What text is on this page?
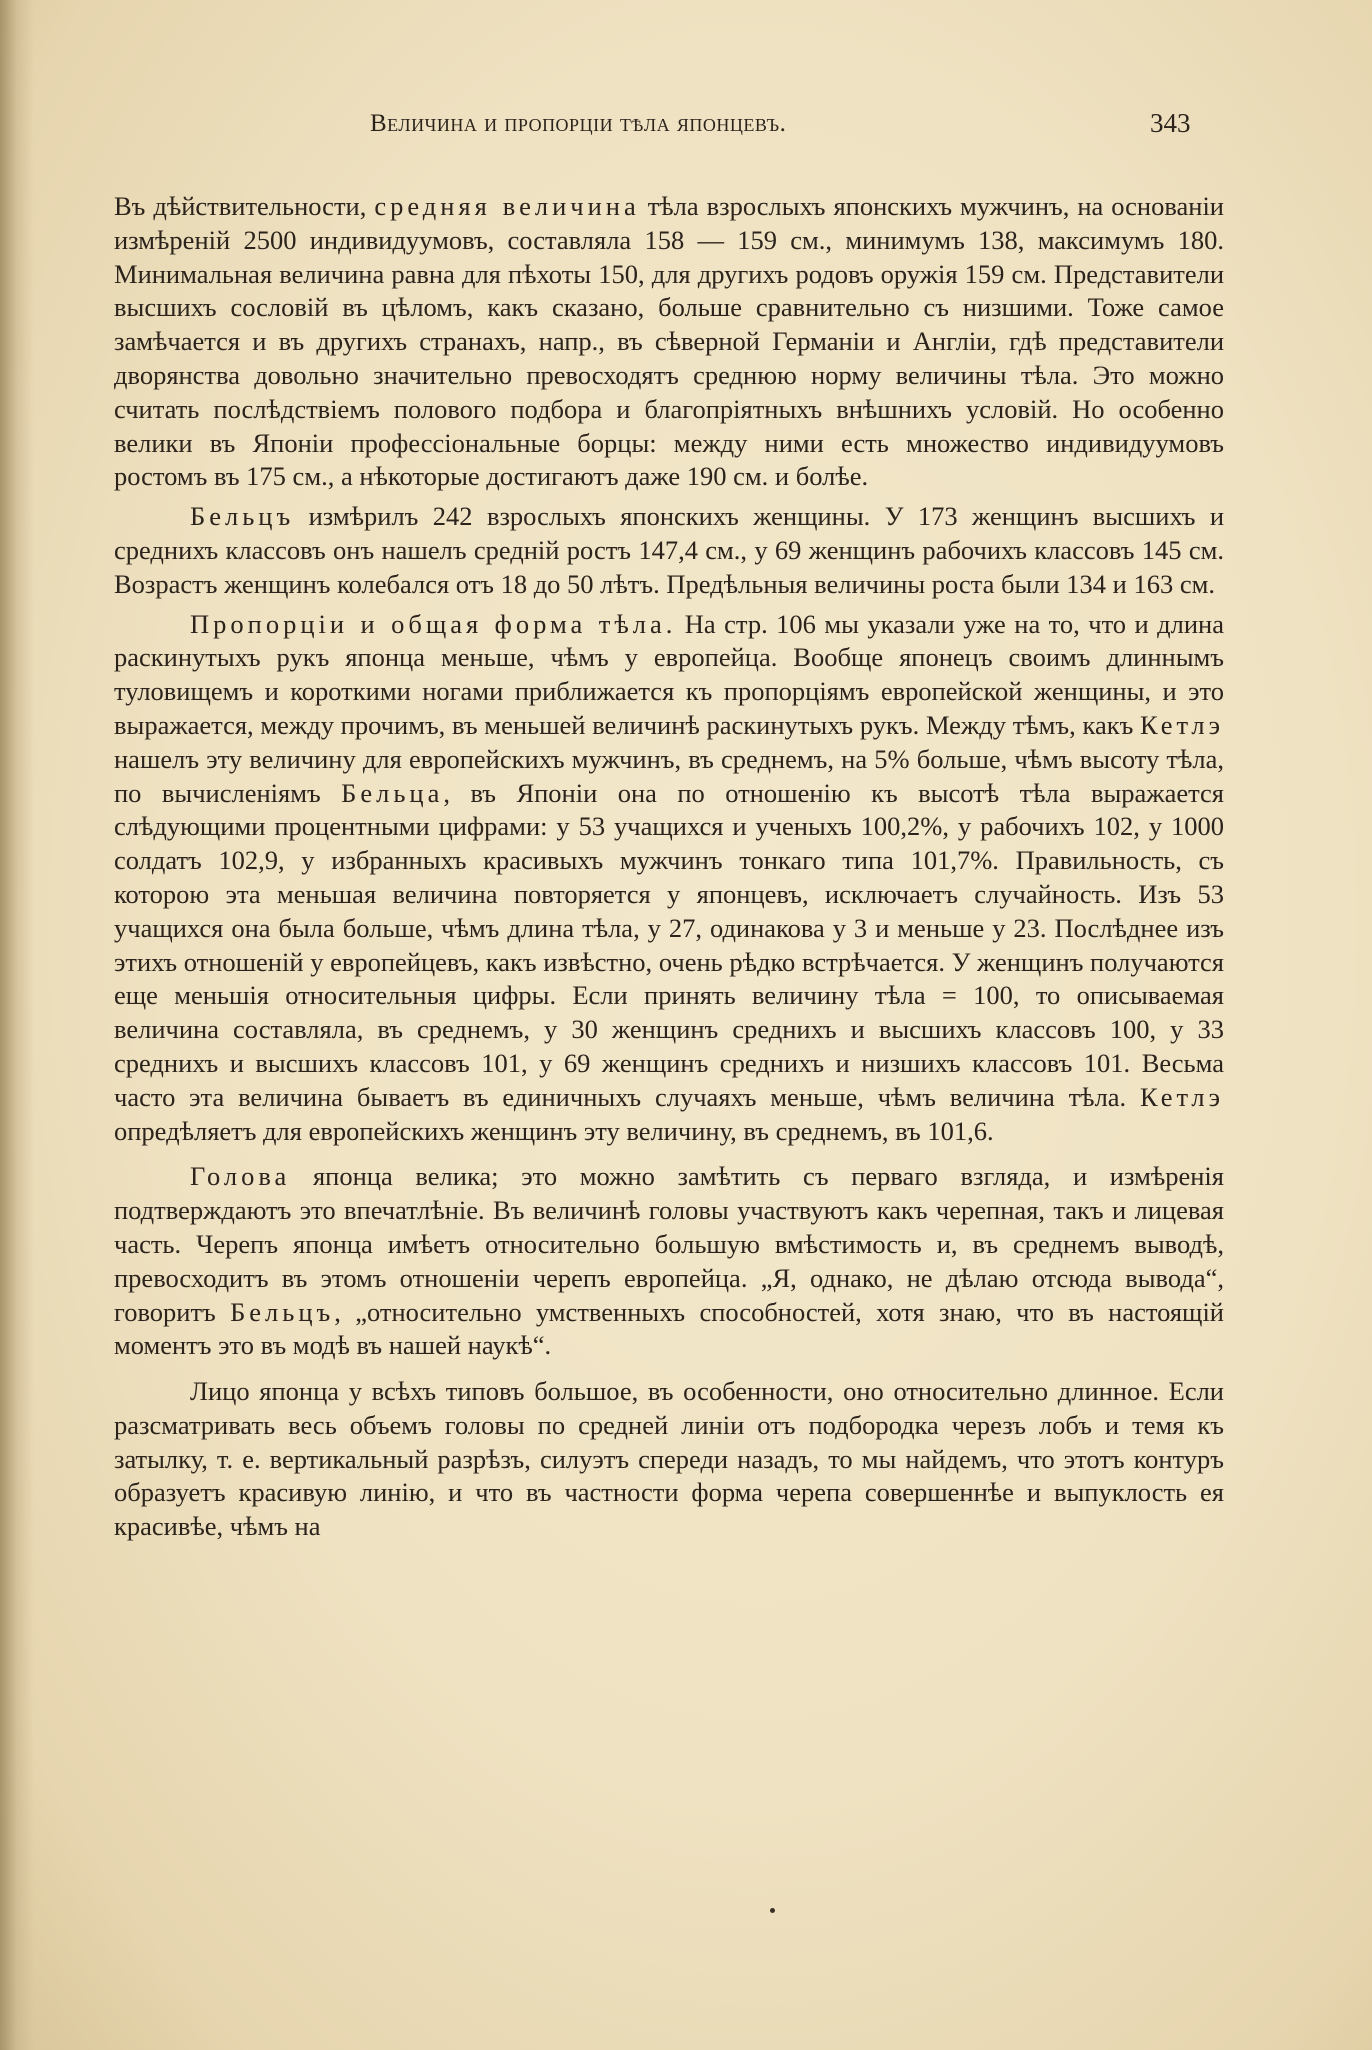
Величина и пропорціи тѣла японцевъ.	343

Въ дѣйствительности, средняя величина тѣла взрослыхъ японскихъ мужчинъ, на основаніи измѣреній 2500 индивидуумовъ, составляла 158 — 159 см., минимумъ 138, максимумъ 180. Минимальная величина равна для пѣхоты 150, для другихъ родовъ оружія 159 см. Представители высшихъ сословій въ цѣломъ, какъ сказано, больше сравнительно съ низшими. Тоже самое замѣчается и въ другихъ странахъ, напр., въ сѣверной Германіи и Англіи, гдѣ представители дворянства довольно значительно превосходятъ среднюю норму величины тѣла. Это можно считать послѣдствіемъ полового подбора и благопріятныхъ внѣшнихъ условій. Но особенно велики въ Японіи профессіональные борцы: между ними есть множество индивидуумовъ ростомъ въ 175 см., а нѣкоторые достигаютъ даже 190 см. и болѣе.

Бельцъ измѣрилъ 242 взрослыхъ японскихъ женщины. У 173 женщинъ высшихъ и среднихъ классовъ онъ нашелъ средній ростъ 147,4 см., у 69 женщинъ рабочихъ классовъ 145 см. Возрастъ женщинъ колебался отъ 18 до 50 лѣтъ. Предѣльныя величины роста были 134 и 163 см.

Пропорціи и общая форма тѣла. На стр. 106 мы указали уже на то, что и длина раскинутыхъ рукъ японца меньше, чѣмъ у европейца. Вообще японецъ своимъ длиннымъ туловищемъ и короткими ногами приближается къ пропорціямъ европейской женщины, и это выражается, между прочимъ, въ меньшей величинѣ раскинутыхъ рукъ. Между тѣмъ, какъ Кетлэ нашелъ эту величину для европейскихъ мужчинъ, въ среднемъ, на 5% больше, чѣмъ высоту тѣла, по вычисленіямъ Бельца, въ Японіи она по отношенію къ высотѣ тѣла выражается слѣдующими процентными цифрами: у 53 учащихся и ученыхъ 100,2%, у рабочихъ 102, у 1000 солдатъ 102,9, у избранныхъ красивыхъ мужчинъ тонкаго типа 101,7%. Правильность, съ которою эта меньшая величина повторяется у японцевъ, исключаетъ случайность. Изъ 53 учащихся она была больше, чѣмъ длина тѣла, у 27, одинакова у 3 и меньше у 23. Послѣднее изъ этихъ отношеній у европейцевъ, какъ извѣстно, очень рѣдко встрѣчается. У женщинъ получаются еще меньшія относительныя цифры. Если принять величину тѣла = 100, то описываемая величина составляла, въ среднемъ, у 30 женщинъ среднихъ и высшихъ классовъ 100, у 33 среднихъ и высшихъ классовъ 101, у 69 женщинъ среднихъ и низшихъ классовъ 101. Весьма часто эта величина бываетъ въ единичныхъ случаяхъ меньше, чѣмъ величина тѣла. Кетлэ опредѣляетъ для европейскихъ женщинъ эту величину, въ среднемъ, въ 101,6.

Голова японца велика; это можно замѣтить съ перваго взгляда, и измѣренія подтверждаютъ это впечатлѣніе. Въ величинѣ головы участвуютъ какъ черепная, такъ и лицевая часть. Черепъ японца имѣетъ относительно большую вмѣстимость и, въ среднемъ выводѣ, превосходитъ въ этомъ отношеніи черепъ европейца. „Я, однако, не дѣлаю отсюда вывода“, говоритъ Бельцъ, „относительно умственныхъ способностей, хотя знаю, что въ настоящій моментъ это въ модѣ въ нашей наукѣ“.

Лицо японца у всѣхъ типовъ большое, въ особенности, оно относительно длинное. Если разсматривать весь объемъ головы по средней линіи отъ подбородка черезъ лобъ и темя къ затылку, т. е. вертикальный разрѣзъ, силуэтъ спереди назадъ, то мы найдемъ, что этотъ контуръ образуетъ красивую линію, и что въ частности форма черепа совершеннѣе и выпуклость ея красивѣе, чѣмъ на
